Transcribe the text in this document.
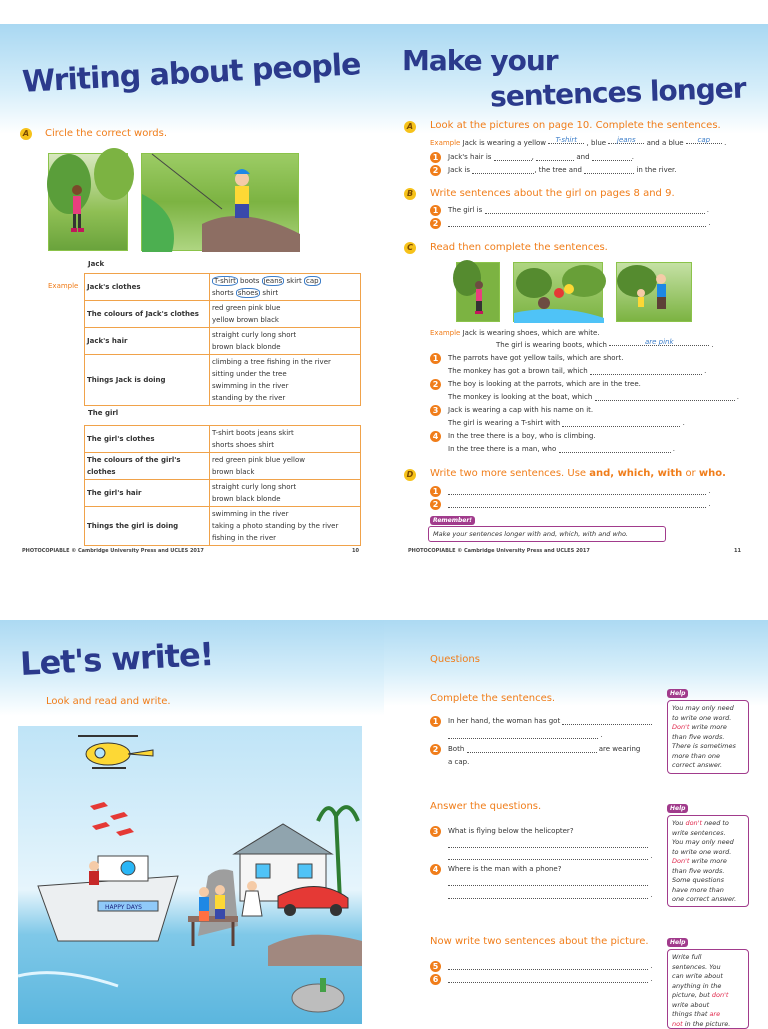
Writing about people
A Circle the correct words.
Jack
Example Jack's clothes	T-shirt boots jeans skirt cap
shorts shoes shirt

The colours of Jack's clothes	red green pink blue
yellow brown black

Jack's hair	straight curly long short
brown black blonde

Things Jack is doing	climbing a tree fishing in the river
sitting under the tree
swimming in the river
standing by the river
The girl
The girl's clothes	T-shirt boots jeans skirt
shorts shoes shirt

The colours of the girl's clothes	red green pink blue yellow
brown black

The girl's hair	straight curly long short
brown black blonde

Things the girl is doing	swimming in the river
taking a photo standing by the river
fishing in the river
PHOTOCOPIABLE © Cambridge University Press and UCLES 2017	10
Make your
sentences longer
A Look at the pictures on page 10. Complete the sentences.
Example Jack is wearing a yellow T-shirt , blue jeans and a blue cap .
1	Jack's hair is	,	and	.
2	Jack is	, the tree and	in the river.
B Write sentences about the girl on pages 8 and 9.
1	The girl is	.
2	.
C	Read then complete the sentences.
Example Jack is wearing shoes, which are white.
The girl is wearing boots, which	are pink	.
1	The parrots have got yellow tails, which are short.
The monkey has got a brown tail, which	.
2	The boy is looking at the parrots, which are in the tree.
The monkey is looking at the boat, which	.
3	Jack is wearing a cap with his name on it.
The girl is wearing a T-shirt with	.
4	In the tree there is a boy, who is climbing.
In the tree there is a man, who	.
D Write two more sentences. Use and, which, with or who.
1	.
2	.
PHOTOCOPIABLE © Cambridge University Press and UCLES 2017	11
Remember!
Make your sentences longer with and, which, with and who.
Let's write!
Look and read and write.
HAPPY DAYS
Questions
Complete the sentences.
1	In her hand, the woman has got
.
2	Both	are wearing
a cap.
Answer the questions.
3	What is flying below the helicopter?
.
4	Where is the man with a phone?
.
Now write two sentences about the picture.
5	.
6	.
Help
You may only need
to write one word.
Don't write more
than five words.
There is sometimes
more than one
correct answer.
Help
You don't need to
write sentences.
You may only need
to write one word.
Don't write more
than five words.
Some questions
have more than
one correct answer.
Help
Write full
sentences. You
can write about
anything in the
picture, but don't
write about
things that are
not in the picture.
